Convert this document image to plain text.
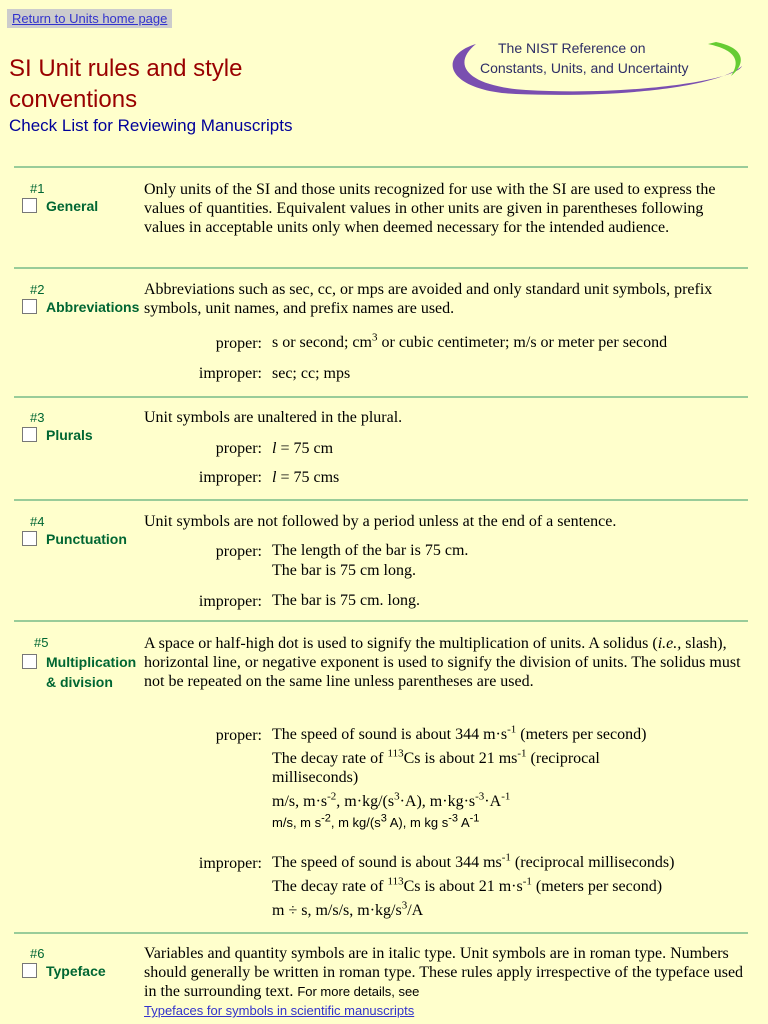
Return to Units home page
SI Unit rules and style
conventions
Check List for Reviewing Manuscripts
The NIST Reference on
Constants, Units, and Uncertainty
#1
General
Only units of the SI and those units recognized for use with the SI are used to express the values of quantities. Equivalent values in other units are given in parentheses following values in acceptable units only when deemed necessary for the intended audience.
#2
Abbreviations
Abbreviations such as sec, cc, or mps are avoided and only standard unit symbols, prefix symbols, unit names, and prefix names are used.
proper: s or second; $cm^3$ or cubic centimeter; m/s or meter per second
improper: sec; cc; mps
#3
Plurals
Unit symbols are unaltered in the plural.
proper: l = 75 cm
improper: l = 75 cms
#4
Punctuation
Unit symbols are not followed by a period unless at the end of a sentence.
proper: The length of the bar is 75 cm.
The bar is 75 cm long.
improper: The bar is 75 cm. long.
#5
Multiplication
& division
A space or half-high dot is used to signify the multiplication of units. A solidus (i.e., slash), horizontal line, or negative exponent is used to signify the division of units. The solidus must not be repeated on the same line unless parentheses are used.
proper: The speed of sound is about 344 $m\cdot s^{-1}$ (meters per second)
The decay rate of $^{113}$Cs is about 21 $ms^{-1}$ (reciprocal
milliseconds)
m/s, $m\cdot s^{-2}$, $m\cdot kg/(s^3\cdot A)$, $m\cdot kg\cdot s^{-3}\cdot A^{-1}$
m/s, m $s^{-2}$, m $kg/(s^3$ A), m kg $s^{-3}$ $A^{-1}$
improper: The speed of sound is about 344 $ms^{-1}$ (reciprocal milliseconds)
The decay rate of $^{113}$Cs is about 21 $m\cdot s^{-1}$ (meters per second)
m ÷ s, m/s/s, $m\cdot kg/s^3/A$
#6
Typeface
Variables and quantity symbols are in italic type. Unit symbols are in roman type. Numbers should generally be written in roman type. These rules apply irrespective of the typeface used in the surrounding text. For more details, see
Typefaces for symbols in scientific manuscripts
